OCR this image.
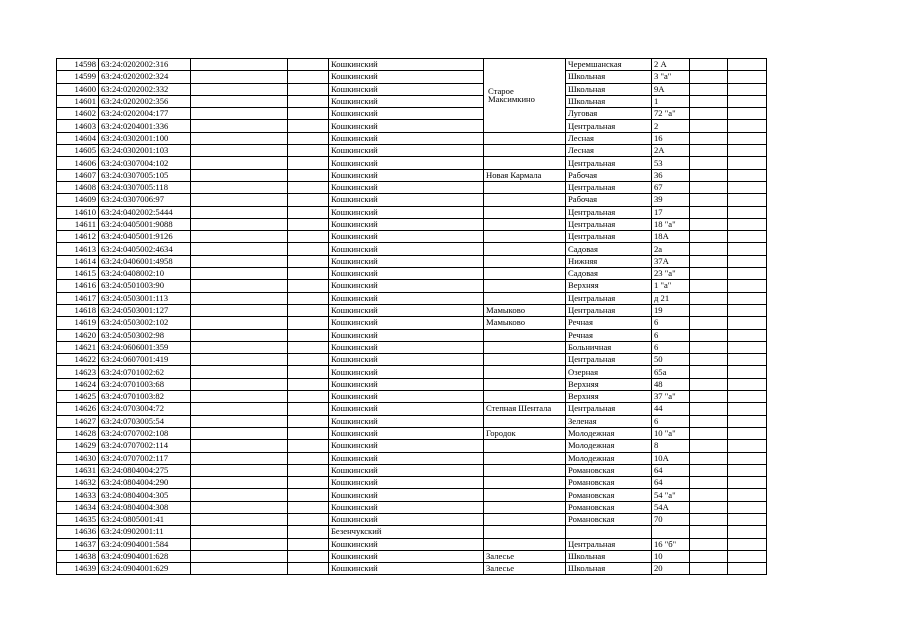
14598	63:24:0202002:316			Кошкинский	Старое Максимкино	Черемшанская	2 А			
14599	63:24:0202002:324			Кошкинский		Школьная	3 "а"			
14600	63:24:0202002:332			Кошкинский		Школьная	9А			
14601	63:24:0202002:356			Кошкинский		Школьная	1			
14602	63:24:0202004:177			Кошкинский		Луговая	72 "а"			
14603	63:24:0204001:336			Кошкинский		Центральная	2			
14604	63:24:0302001:100			Кошкинский		Лесная	16			
14605	63:24:0302001:103			Кошкинский		Лесная	2А			
14606	63:24:0307004:102			Кошкинский		Центральная	53			
14607	63:24:0307005:105			Кошкинский	Новая Кармала	Рабочая	36			
14608	63:24:0307005:118			Кошкинский		Центральная	67			
14609	63:24:0307006:97			Кошкинский		Рабочая	39			
14610	63:24:0402002:5444			Кошкинский		Центральная	17			
14611	63:24:0405001:9088			Кошкинский		Центральная	18 "а"			
14612	63:24:0405001:9126			Кошкинский		Центральная	18А			
14613	63:24:0405002:4634			Кошкинский		Садовая	2а			
14614	63:24:0406001:4958			Кошкинский		Нижняя	37А			
14615	63:24:0408002:10			Кошкинский		Садовая	23 "а"			
14616	63:24:0501003:90			Кошкинский		Верхняя	1 "а"			
14617	63:24:0503001:113			Кошкинский		Центральная	д 21			
14618	63:24:0503001:127			Кошкинский	Мамыково	Центральная	19			
14619	63:24:0503002:102			Кошкинский	Мамыково	Речная	6			
14620	63:24:0503002:98			Кошкинский		Речная	6			
14621	63:24:0606001:359			Кошкинский		Больничная	6			
14622	63:24:0607001:419			Кошкинский		Центральная	50			
14623	63:24:0701002:62			Кошкинский		Озерная	65а			
14624	63:24:0701003:68			Кошкинский		Верхняя	48			
14625	63:24:0701003:82			Кошкинский		Верхняя	37 "а"			
14626	63:24:0703004:72			Кошкинский	Степная Шентала	Центральная	44			
14627	63:24:0703005:54			Кошкинский		Зеленая	6			
14628	63:24:0707002:108			Кошкинский	Городок	Молодежная	10 "а"			
14629	63:24:0707002:114			Кошкинский		Молодежная	8			
14630	63:24:0707002:117			Кошкинский		Молодежная	10А			
14631	63:24:0804004:275			Кошкинский		Романовская	64			
14632	63:24:0804004:290			Кошкинский		Романовская	64			
14633	63:24:0804004:305			Кошкинский		Романовская	54 "а"			
14634	63:24:0804004:308			Кошкинский		Романовская	54А			
14635	63:24:0805001:41			Кошкинский		Романовская	70			
14636	63:24:0902001:11			Безенчукский						
14637	63:24:0904001:584			Кошкинский		Центральная	16 "б"			
14638	63:24:0904001:628			Кошкинский	Залесье	Школьная	10			
14639	63:24:0904001:629			Кошкинский	Залесье	Школьная	20			
